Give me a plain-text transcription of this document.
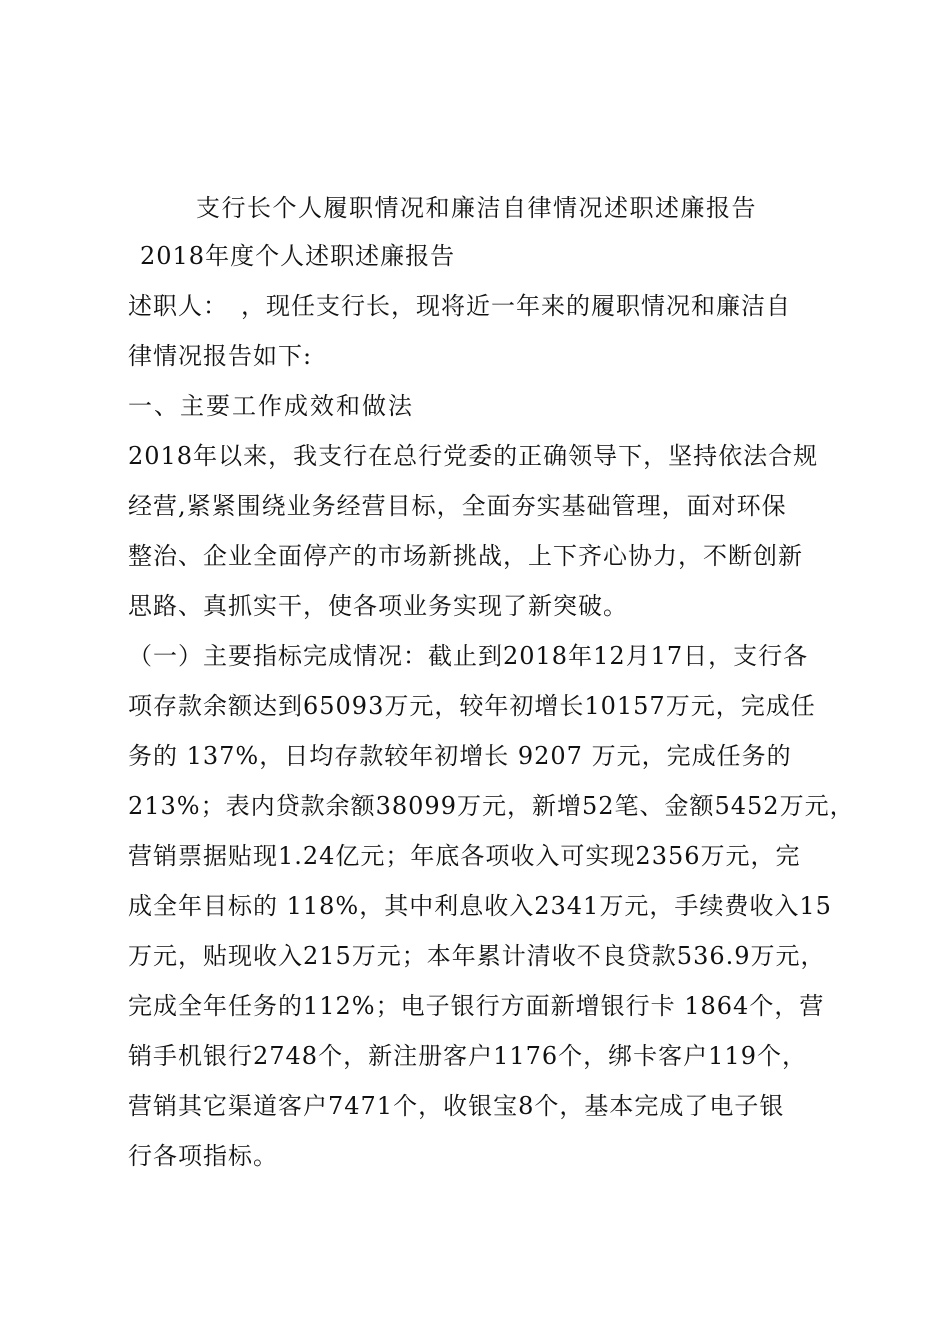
支行长个人履职情况和廉洁自律情况述职述廉报告
2018年度个人述职述廉报告
述职人：　，现任支行长，现将近一年来的履职情况和廉洁自
律情况报告如下:
一、主要工作成效和做法
2018年以来，我支行在总行党委的正确领导下，坚持依法合规
经营,紧紧围绕业务经营目标，全面夯实基础管理，面对环保
整治、企业全面停产的市场新挑战，上下齐心协力，不断创新
思路、真抓实干，使各项业务实现了新突破。
（一）主要指标完成情况：截止到2018年12月17日，支行各
项存款余额达到65093万元，较年初增长10157万元，完成任
务的 137%，日均存款较年初增长 9207 万元，完成任务的
213%；表内贷款余额38099万元，新增52笔、金额5452万元，
营销票据贴现1.24亿元；年底各项收入可实现2356万元，完
成全年目标的 118%，其中利息收入2341万元，手续费收入15
万元，贴现收入215万元；本年累计清收不良贷款536.9万元，
完成全年任务的112%；电子银行方面新增银行卡 1864个，营
销手机银行2748个，新注册客户1176个，绑卡客户119个，
营销其它渠道客户7471个，收银宝8个，基本完成了电子银
行各项指标。
